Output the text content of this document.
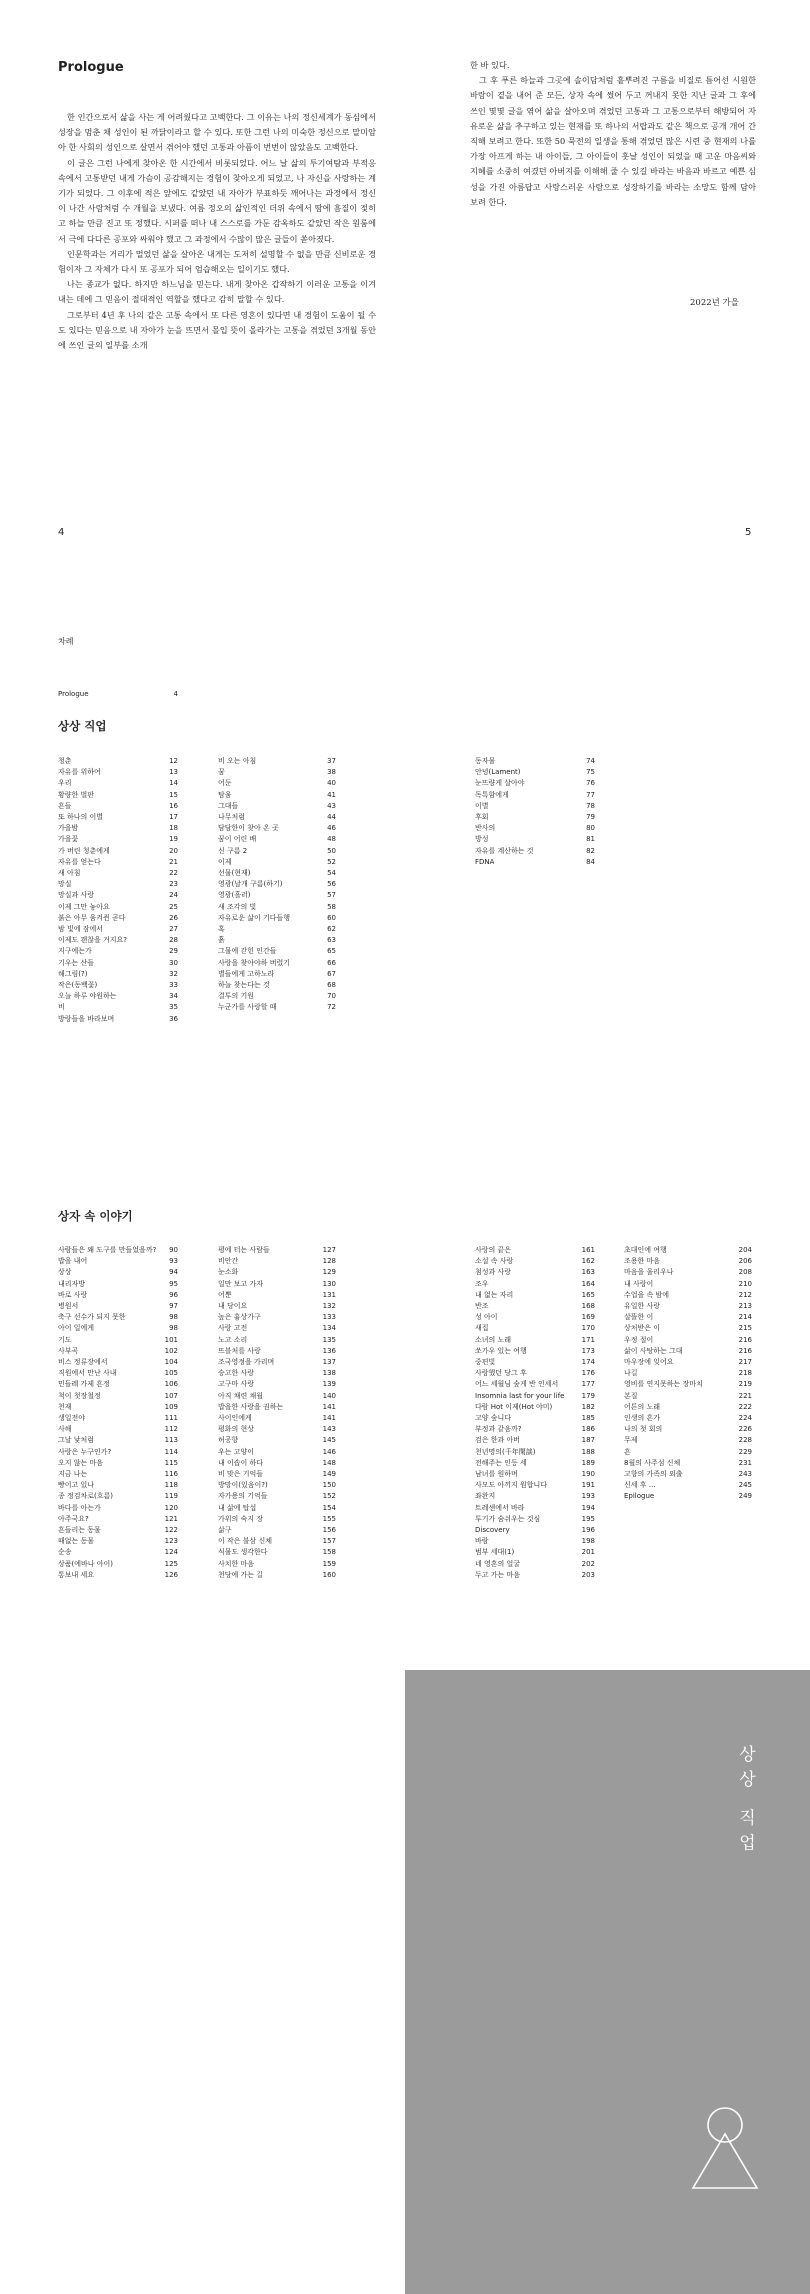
Prologue

한 인간으로서 삶을 사는 게 어려웠다고 고백한다. 그 이유는 나의 정신세계가 동심에서 성장을 멈춘 채 성인이 된 까닭이라고 할 수 있다. 또한 그런 나의 미숙한 정신으로 말미암아 한 사회의 성인으로 살면서 겪어야 했던 고통과 아픔이 번번이 않았음도 고백한다.

이 글은 그런 나에게 찾아온 한 시간에서 비롯되었다. 어느 날 삶의 투기여탐과 부적응 속에서 고통받던 내게 가슴이 공감해지는 경험이 찾아오게 되었고, 나 자신을 사랑하는 계기가 되었다. 그 이후에 적은 앞에도 같았던 내 자아가 부표하듯 깨어나는 과정에서 정신이 나간 사람처럼 수 개월을 보냈다. 여름 정오의 삶인적인 더위 속에서 땀에 흠질이 젖히고 하늘 만큼 진고 또 정했다. 시퍼를 떠나 내 스스로를 가둔 감옥하도 같았던 작은 원룸에서 극에 다다른 공포와 싸워야 했고 그 과정에서 수많이 많은 글들이 쏟아졌다.

인문학과는 거리가 멀었던 삶을 살아온 내게는 도저히 설명할 수 없을 만큼 신비로운 경험이자 그 자체가 다시 또 공포가 되어 엄습해오는 일이기도 했다.

나는 종교가 없다. 하지만 하느님을 믿는다. 내게 찾아온 갑작하기 이러운 고통을 이겨 내는 데에 그 믿음이 절대적인 역할을 했다고 감히 말할 수 있다.

그로부터 4년 후 나의 같은 고통 속에서 또 다른 영혼이 있다면 내 경험이 도움이 될 수도 있다는 믿음으로 내 자아가 눈을 뜨면서 몰입 뜻이 올라가는 고통을 겪었던 3개월 동안에 쓰인 글의 일부를 소개

한 바 있다.

그 후 푸른 하늘과 그곳에 솔이담처럼 흩뿌려진 구름을 비질로 틈어선 시원한 바람이 곁을 내어 준 모든, 상자 속에 썼어 두고 꺼내지 못한 지난 글과 그 후에 쓰인 몇몇 글을 엮어 삶을 살아오며 겪었던 고통과 그 고통으로부터 해방되어 자유로운 삶을 추구하고 있는 현재를 또 하나의 서랍과도 같은 책으로 공개 개어 간직해 보려고 한다. 또한 50 묵전의 일생을 통해 겪었던 많은 시련 중 현재의 나를 가장 아프게 하는 내 아이들, 그 아이들이 훗날 성인이 되었을 때 고운 마음씨와 지혜를 소중히 여겼던 아버지를 이해해 줄 수 있길 바라는 바음과 바르고 예쁜 심성을 가진 아름답고 사랑스러운 사람으로 성장하기를 바라는 소망도 함께 담아 보려 한다.

2022년 가을
4	5
차례
Prologue	4
상상 직업
청춘	12
자유를 위하여	13
우리	14
황량한 벌판	15
흔들	16
또 하나의 이별	17
가을밤	18
가을꽃	19
가 버린 청춘에게	20
자유를 얻는다	21
새 아침	22
망실	23
망실과 사랑	24
이제 그만 놓아요	25
붉은 아무 움켜쥔 곧다	26
밤 빛에 잠에서	27
이제도 괜찮을 거지요?	28
지구에는가	29
기우는 산들	30
해그림(?)	32
작은(동백꽃)	33
오늘 하루 야원하는	34
비	35
방랑들을 바라보며	36
비 오는 아침	37
꿈	38
어둔	40
탐움	41
그대들	43
나무처럼	44
담담한이 찾아 온 곳	46
꿈이 어린 배	48
신 구름 2	50
이제	52
선물(현재)	54
영광(날개 구름(하기)	56
영광(흘러)	57
새 조각의 빛	58
자유로운 삶이 기다들행	60
혹	62
흙	63
그물에 갇힌 인간들	65
사랑을 찾아야하 버렸기	66
별들에게 고하노라	67
하늘 찾는다는 것	68
결투의 기원	70
누군가를 사랑할 때	72
동자물	74
안녕(Lament)	75
눈뜨량게 살아야	76
독특함에게	77
이별	78
후회	79
반사의	80
방성	81
자유를 계산하는 것	82
FDNA	84
상자 속 이야기
사람들은 왜 도구를 만들었을까? 90
밥을 내어	93
상상	94
내리자방	95
바로 사랑	96
병원서	97
축구 선수가 되지 못한	98
아이 일에게	98
기도	101
사부곡	102
비스 정류장에서	104
직원에서 만난 사내	105
민들레 가제 흔정	106
척이 첫장철정	107
천재	109
생일전야	111
사해	112
그날 낯처럼	113
사랑은 누구인가?	114
오지 않는 마음	115
지금 나는	116
빵이고 있나	118
종 정검차로(흐름)	119
바다를 아는가	120
아주국요?	121
흔들리는 동물	122
때없는 동물	123
순송	124
상품(에바나 아이)	125
통보내 세요	126
평에 터는 사람들	127
비안간	128
눈소화	129
일만 보고 가자	130
어뿐	131
내 당이요	132
높은 흉상가구	133
사랑 고전	134
노고 소리	135
뜨블처를 사랑	136
조국영정을 가리며	137
승고한 사랑	138
고구마 사랑	139
아직 채련 채월	140
밥을한 사랑을 권하는	141
사이인에게	141
평화의 현상	143
허공향	145
우는 고양이	146
내 이솝이 하다	148
비 맞은 기억들	149
방망이(있음이?)	150
자가용의 기억들	152
내 삶에 탑섭	154
가위의 숙지 장	155
삶구	156
이 작은 불삼 신체	157
식물도 생각한다	158
사치한 마음	159
천당에 가는 길	160
사랑의 끝은	161
소설 속 사랑	162
첨성과 사랑	163
조우	164
내 없는 자리	165
반조	168
성 아이	169
새집	170
소녀의 노래	171
쏘가우 있는 여행	173
중편빛	174
사랑했던 당그 후	176
어느 세월님 숲게 반 인세서	177
Insomnia last for your life 179
다람 Hot 이제(Hot 야미)	182
고양 숲니다	185
부정과 같음까?	186
검은 한과 아버	187
천년명의(千年閑談)	188
전해주는 인등 세	189
남녀를 원하며	190
사모도 아끼지 원합니다	191
좌완지	193
트레센에서 바라	194
투기가 숨쉬우는 것심	195
Discovery	196
바람	198
범부 세대(1)	201
네 영혼의 얼굴	202
두고 가는 마음	203
초대인에 여행	204
조용한 마음	206
마음을 울리우나	208
내 사랑이	210
수업을 속 밤에	212
유일한 사랑	213
살뜰한 이	214
상처받은 이	215
우정 절이	216
삶이 사탕하는 그대	216
마우장에 잊어요	217
나길	218
영비를 연지못하는 장마치	219
본질	221
어튼의 노래	222
인생의 흔가	224
나의 첫 회의	226
무제	228
흔	229
8월의 사주섬 신체	231
고향의 가족의 외출	243
신세 후 …	245
Epilogue	249
상상 직업
